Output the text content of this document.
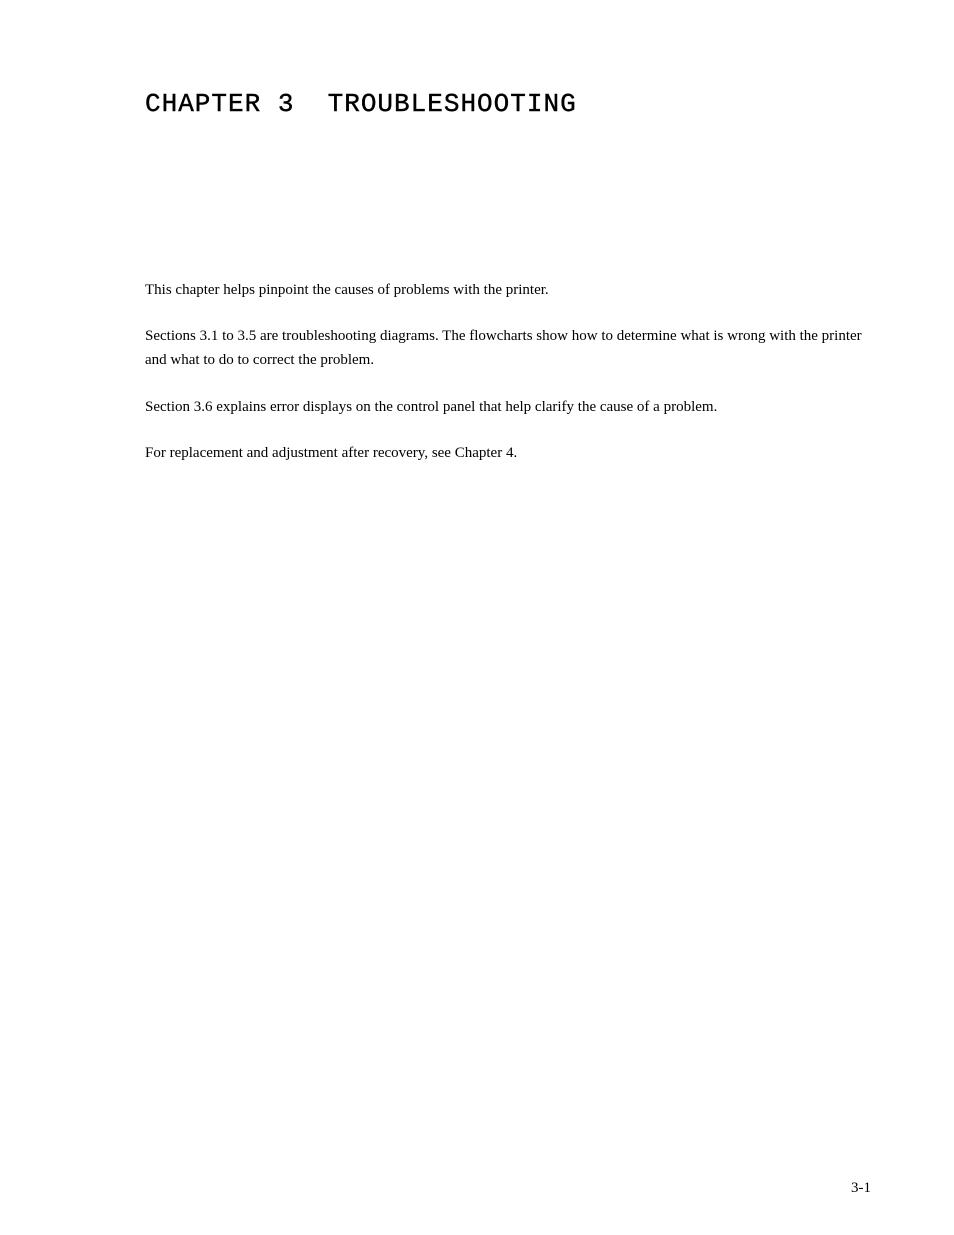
CHAPTER 3  TROUBLESHOOTING

This chapter helps pinpoint the causes of problems with the printer.

Sections 3.1 to 3.5 are troubleshooting diagrams. The flowcharts show how to determine what is wrong with the printer and what to do to correct the problem.

Section 3.6 explains error displays on the control panel that help clarify the cause of a problem.

For replacement and adjustment after recovery, see Chapter 4.

3-1
